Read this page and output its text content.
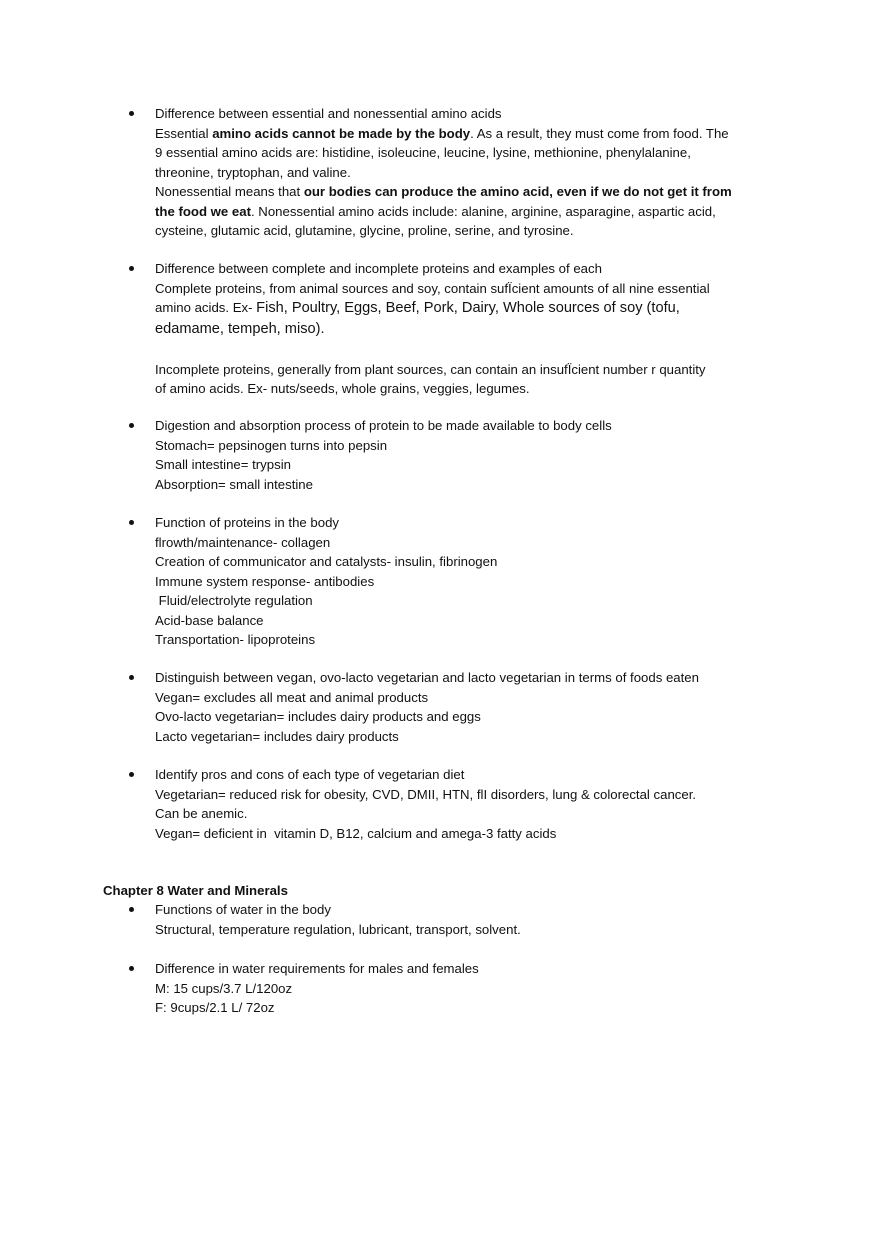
Difference between essential and nonessential amino acids
Essential amino acids cannot be made by the body. As a result, they must come from food. The
9 essential amino acids are: histidine, isoleucine, leucine, lysine, methionine, phenylalanine,
threonine, tryptophan, and valine.
Nonessential means that our bodies can produce the amino acid, even if we do not get it from
the food we eat. Nonessential amino acids include: alanine, arginine, asparagine, aspartic acid,
cysteine, glutamic acid, glutamine, glycine, proline, serine, and tyrosine.
Difference between complete and incomplete proteins and examples of each
Complete proteins, from animal sources and soy, contain sufÏcient amounts of all nine essential
amino acids. Ex- Fish, Poultry, Eggs, Beef, Pork, Dairy, Whole sources of soy (tofu,
edamame, tempeh, miso).
Incomplete proteins, generally from plant sources, can contain an insufÏcient number r quantity
of amino acids. Ex- nuts/seeds, whole grains, veggies, legumes.
Digestion and absorption process of protein to be made available to body cells
Stomach= pepsinogen turns into pepsin
Small intestine= trypsin
Absorption= small intestine
Function of proteins in the body
flrowth/maintenance- collagen
Creation of communicator and catalysts- insulin, fibrinogen
Immune system response- antibodies
Fluid/electrolyte regulation
Acid-base balance
Transportation- lipoproteins
Distinguish between vegan, ovo-lacto vegetarian and lacto vegetarian in terms of foods eaten
Vegan= excludes all meat and animal products
Ovo-lacto vegetarian= includes dairy products and eggs
Lacto vegetarian= includes dairy products
Identify pros and cons of each type of vegetarian diet
Vegetarian= reduced risk for obesity, CVD, DMII, HTN, flI disorders, lung & colorectal cancer.
Can be anemic.
Vegan= deficient in  vitamin D, B12, calcium and amega-3 fatty acids
Chapter 8 Water and Minerals
Functions of water in the body
Structural, temperature regulation, lubricant, transport, solvent.
Difference in water requirements for males and females
M: 15 cups/3.7 L/120oz
F: 9cups/2.1 L/ 72oz
